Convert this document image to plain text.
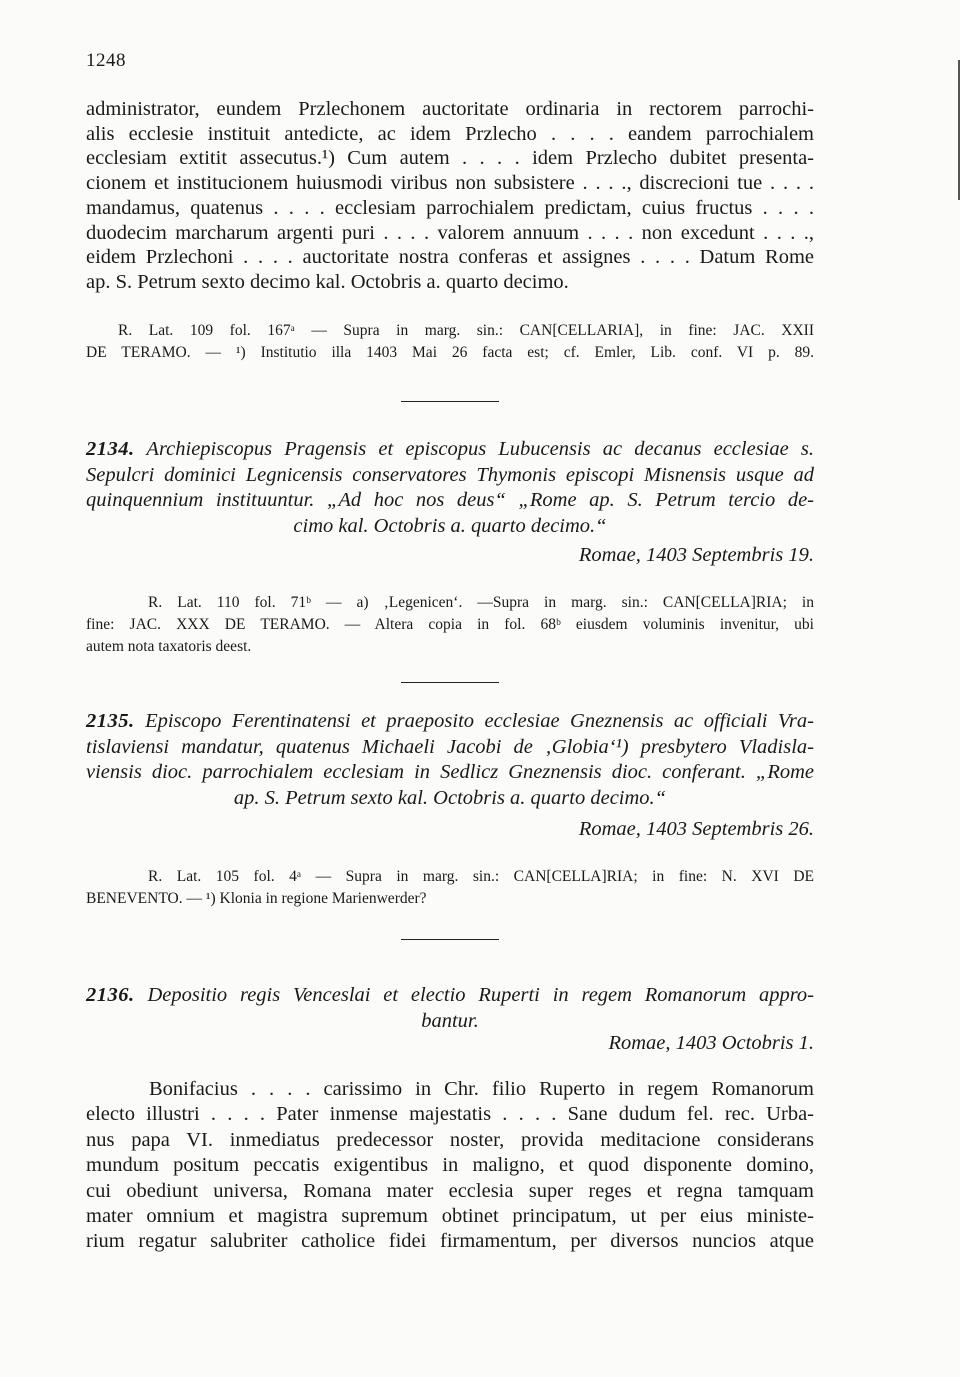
1248
administrator, eundem Przlechonem auctoritate ordinaria in rectorem parrochi-
alis ecclesie instituit antedicte, ac idem Przlecho . . . . eandem parrochialem
ecclesiam extitit assecutus.¹) Cum autem . . . . idem Przlecho dubitet presenta-
cionem et institucionem huiusmodi viribus non subsistere . . . ., discrecioni tue . . . .
mandamus, quatenus . . . . ecclesiam parrochialem predictam, cuius fructus . . . .
duodecim marcharum argenti puri . . . . valorem annuum . . . . non excedunt . . . .,
eidem Przlechoni . . . . auctoritate nostra conferas et assignes . . . . Datum Rome
ap. S. Petrum sexto decimo kal. Octobris a. quarto decimo.
R. Lat. 109 fol. 167ᵃ — Supra in marg. sin.: CAN[CELLARIA], in fine: JAC. XXII
DE TERAMO. — ¹) Institutio illa 1403 Mai 26 facta est; cf. Emler, Lib. conf. VI p. 89.
2134. Archiepiscopus Pragensis et episcopus Lubucensis ac decanus ecclesiae s.
Sepulcri dominici Legnicensis conservatores Thymonis episcopi Misnensis usque ad
quinquennium instituuntur. „Ad hoc nos deus“ „Rome ap. S. Petrum tercio de-
cimo kal. Octobris a. quarto decimo.“
Romae, 1403 Septembris 19.
R. Lat. 110 fol. 71ᵇ — a) ‚Legenicen‘. —Supra in marg. sin.: CAN[CELLA]RIA; in
fine: JAC. XXX DE TERAMO. — Altera copia in fol. 68ᵇ eiusdem voluminis invenitur, ubi
autem nota taxatoris deest.
2135. Episcopo Ferentinatensi et praeposito ecclesiae Gneznensis ac officiali Vra-
tislaviensi mandatur, quatenus Michaeli Jacobi de ‚Globia‘¹) presbytero Vladisla-
viensis dioc. parrochialem ecclesiam in Sedlicz Gneznensis dioc. conferant. „Rome
ap. S. Petrum sexto kal. Octobris a. quarto decimo.“
Romae, 1403 Septembris 26.
R. Lat. 105 fol. 4ᵃ — Supra in marg. sin.: CAN[CELLA]RIA; in fine: N. XVI DE
BENEVENTO. — ¹) Klonia in regione Marienwerder?
2136. Depositio regis Venceslai et electio Ruperti in regem Romanorum appro-
bantur.
Romae, 1403 Octobris 1.
Bonifacius . . . . carissimo in Chr. filio Ruperto in regem Romanorum
electo illustri . . . . Pater inmense majestatis . . . . Sane dudum fel. rec. Urba-
nus papa VI. inmediatus predecessor noster, provida meditacione considerans
mundum positum peccatis exigentibus in maligno, et quod disponente domino,
cui obediunt universa, Romana mater ecclesia super reges et regna tamquam
mater omnium et magistra supremum obtinet principatum, ut per eius ministe-
rium regatur salubriter catholice fidei firmamentum, per diversos nuncios atque
